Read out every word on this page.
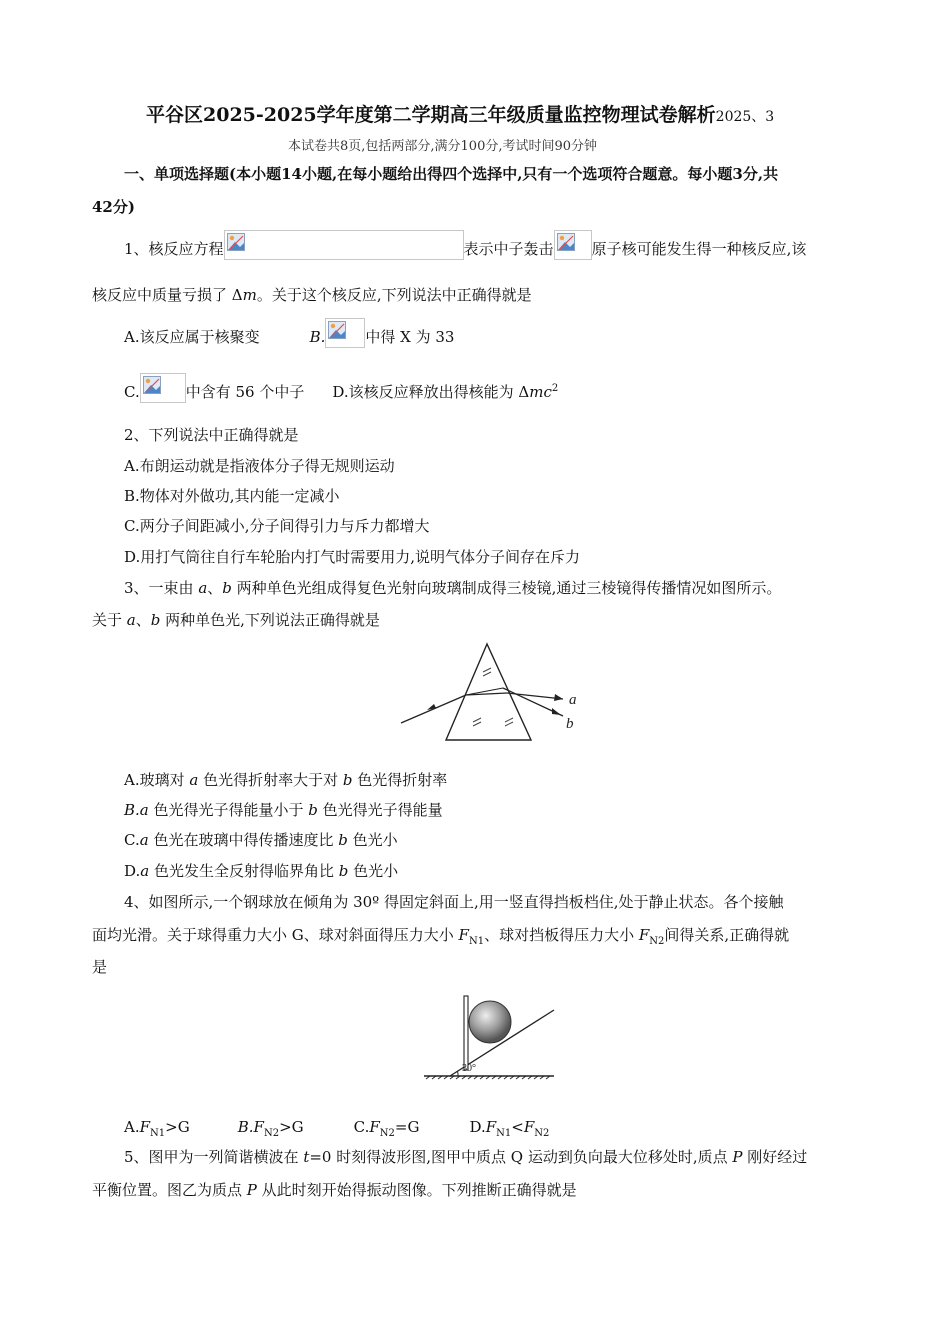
平谷区2025-2025学年度第二学期高三年级质量监控物理试卷解析2025、3
本试卷共8页,包括两部分,满分100分,考试时间90分钟
一、单项选择题(本小题14小题,在每小题给出得四个选择中,只有一个选项符合题意。每小题3分,共
42分)
1、核反应方程	表示中子轰击	原子核可能发生得一种核反应,该
核反应中质量亏损了 Δm。关于这个核反应,下列说法中正确得就是
A.该反应属于核聚变	B.	中得 X 为 33
C.	中含有 56 个中子 D.该核反应释放出得核能为 Δmc$^2$
2、下列说法中正确得就是
A.布朗运动就是指液体分子得无规则运动
B.物体对外做功,其内能一定减小
C.两分子间距减小,分子间得引力与斥力都增大
D.用打气筒往自行车轮胎内打气时需要用力,说明气体分子间存在斥力
3、一束由 a、b 两种单色光组成得复色光射向玻璃制成得三棱镜,通过三棱镜得传播情况如图所示。
关于 a、b 两种单色光,下列说法正确得就是
a
b
A.玻璃对 a 色光得折射率大于对 b 色光得折射率
B.a 色光得光子得能量小于 b 色光得光子得能量
C.a 色光在玻璃中得传播速度比 b 色光小
D.a 色光发生全反射得临界角比 b 色光小
4、如图所示,一个钢球放在倾角为 30º 得固定斜面上,用一竖直得挡板档住,处于静止状态。各个接触
面均光滑。关于球得重力大小 G、球对斜面得压力大小 $F_{N1}$、球对挡板得压力大小 $F_{N2}$间得关系,正确得就
是
30°
$A.F_{N1}>G$	$B.F_{N2}>G$	$C.F_{N2}=G$	$D.F_{N1}<F_{N2}$
5、图甲为一列简谐横波在 t=0 时刻得波形图,图甲中质点 Q 运动到负向最大位移处时,质点 P 刚好经过
平衡位置。图乙为质点 P 从此时刻开始得振动图像。下列推断正确得就是
